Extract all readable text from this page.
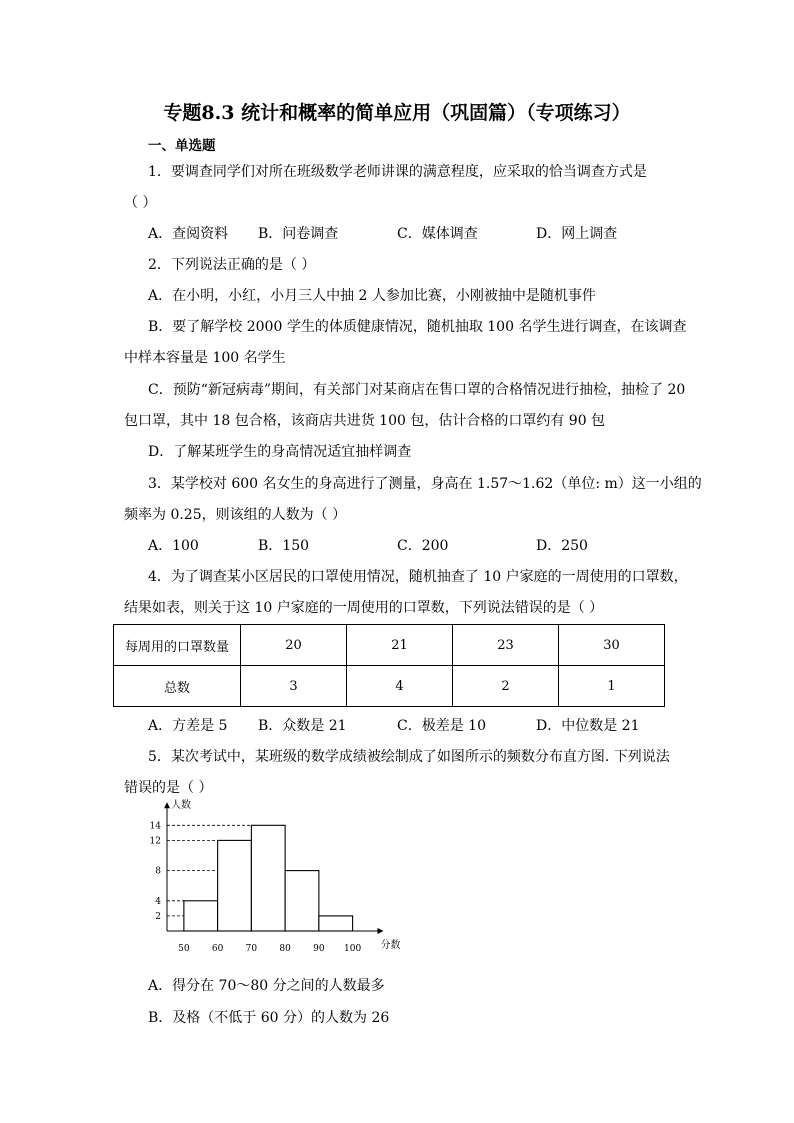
专题8.3 统计和概率的简单应用（巩固篇）（专项练习）
一、单选题
1．要调查同学们对所在班级数学老师讲课的满意程度，应采取的恰当调查方式是
（ ）
A．查阅资料 B．问卷调查	C．媒体调查	D．网上调查
2．下列说法正确的是（ ）
A．在小明，小红，小月三人中抽 2 人参加比赛，小刚被抽中是随机事件
B．要了解学校 2000 学生的体质健康情况，随机抽取 100 名学生进行调查，在该调查
中样本容量是 100 名学生
C．预防“新冠病毒”期间，有关部门对某商店在售口罩的合格情况进行抽检，抽检了 20
包口罩，其中 18 包合格，该商店共进货 100 包，估计合格的口罩约有 90 包
D．了解某班学生的身高情况适宜抽样调查
3．某学校对 600 名女生的身高进行了测量，身高在 1.57～1.62（单位: m）这一小组的
频率为 0.25，则该组的人数为（ ）
A．100	B．150	C．200	D．250
4．为了调查某小区居民的口罩使用情况，随机抽查了 10 户家庭的一周使用的口罩数，
结果如表，则关于这 10 户家庭的一周使用的口罩数，下列说法错误的是（ ）
每周用的口罩数量	20	21	23	30
总数	3	4	2	1
A．方差是 5 B．众数是 21	C．极差是 10	D．中位数是 21
5．某次考试中，某班级的数学成绩被绘制成了如图所示的频数分布直方图. 下列说法
错误的是（ ）
50 60 70 80 90 100
2
4
8
12
14
人数
分数
A．得分在 70～80 分之间的人数最多
B．及格（不低于 60 分）的人数为 26
